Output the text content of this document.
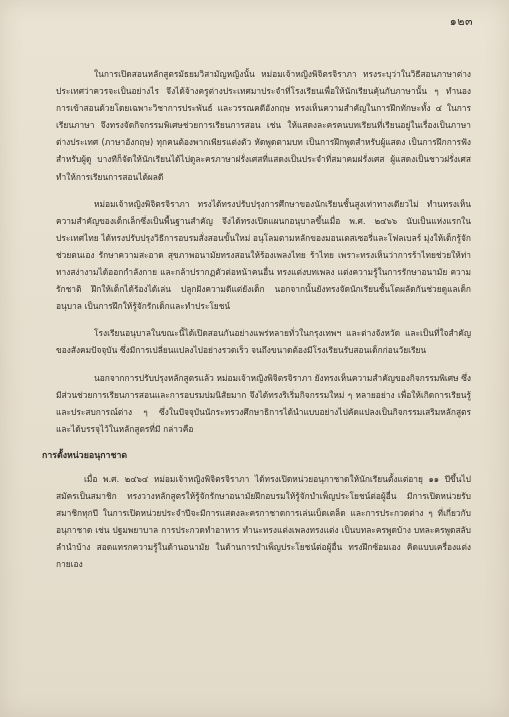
๑๒๓

ในการเปิดสอนหลักสูตรมัธยมวิสามัญหญิงนั้น หม่อมเจ้าหญิงพิจิตรจิราภา ทรงระบุว่าในวิธีสอนภาษาต่างประเทศว่าควรจะเป็นอย่างไร จึงได้จ้างครูต่างประเทศมาประจำที่โรงเรียนเพื่อให้นักเรียนคุ้นกับภาษานั้น ๆ ทำนองการเข้าสอนด้วยโดยเฉพาะวิชาการประพันธ์ และวรรณคดีอังกฤษ ทรงเห็นความสำคัญในการฝึกทักษะทั้ง ๔ ในการเรียนภาษา จึงทรงจัดกิจกรรมพิเศษช่วยการเรียนการสอน เช่น ให้แสดงละครคนบทเรียนที่เรียนอยู่ในเรื่องเป็นภาษาต่างประเทศ (ภาษาอังกฤษ) ทุกคนต้องพากเพียรแต่งตัว หัดพูดตามบท เป็นการฝึกพูดสำหรับผู้แสดง เป็นการฝึกการฟังสำหรับผู้ดู บางทีก็จัดให้นักเรียนได้ไปดูละครภาษาฝรั่งเศสที่แสดงเป็นประจำที่สมาคมฝรั่งเศส ผู้แสดงเป็นชาวฝรั่งเศส ทำให้การเรียนการสอนได้ผลดี

หม่อมเจ้าหญิงพิจิตรจิราภา ทรงได้ทรงปรับปรุงการศึกษาของนักเรียนชั้นสูงเท่าทางเดียวไม่ ทำนทรงเห็นความสำคัญของเด็กเล็กซึ่งเป็นพื้นฐานสำคัญ จึงได้ทรงเปิดแผนกอนุบาลขึ้นเมื่อ พ.ศ. ๒๔๖๖ นับเป็นแห่งแรกในประเทศไทย ได้ทรงปรับปรุงวิธีการอบรมสั่งสอนขั้นใหม่ อนุโลมตามหลักของมอนเตสเซอรี่และโฟลเบลร์ มุ่งให้เด็กรู้จักช่วยตนเอง รักษาความสะอาด สุขภาพอนามัยทรงสอนให้ร้องเพลงไทย ร้าไทย เพราะทรงเห็นว่าการร้าไทยช่วยให้ท่าทางสง่างามได้ออกกำลังกาย และกล้าปรากฏตัวต่อหน้าคนอื่น ทรงแต่งบทเพลง แต่งความรู้ในการรักษาอนามัย ความรักชาติ ฝึกให้เด็กได้ร้องได้เล่น ปลูกฝังความดีแต่ยังเด็ก นอกจากนั้นยังทรงจัดนักเรียนชั้นโตผลัดกันช่วยดูแลเด็กอนุบาล เป็นการฝึกให้รู้จักรักเด็กและทำประโยชน์

โรงเรียนอนุบาลในขณะนี้ได้เปิดสอนกันอย่างแพร่หลายทั่วในกรุงเทพฯ และต่างจังหวัด และเป็นที่ใจสำคัญของสังคมปัจจุบัน ซึ่งมีการเปลี่ยนแปลงไปอย่างรวดเร็ว จนถึงขนาดต้องมีโรงเรียนรับสอนเด็กก่อนวัยเรียน

นอกจากการปรับปรุงหลักสูตรแล้ว หม่อมเจ้าหญิงพิจิตรจิราภา ยังทรงเห็นความสำคัญของกิจกรรมพิเศษ ซึ่งมีส่วนช่วยการเรียนการสอนและการอบรมบ่มนิสัยมาก จึงได้ทรงริเริ่มกิจกรรมใหม่ ๆ หลายอย่าง เพื่อให้เกิดการเรียนรู้และประสบการณ์ต่าง ๆ ซึ่งในปัจจุบันนักระทรวงศึกษาธิการได้นำแบบอย่างไปคัดแปลงเป็นกิจกรรมเสริมหลักสูตร และได้บรรจุไว้ในหลักสูตรที่มี กล่าวคือ

การตั้งหน่วยอนุกาชาด

เมื่อ พ.ศ. ๒๔๖๔ หม่อมเจ้าหญิงพิจิตรจิราภา ได้ทรงเปิดหน่วยอนุกาชาดให้นักเรียนตั้งแต่อายุ ๑๑ ปีขึ้นไป สมัครเป็นสมาชิก ทรงวางหลักสูตรให้รู้จักรักษาอนามัยฝึกอบรมให้รู้จักบำเพ็ญประโยชน์ต่อผู้อื่น มีการเปิดหน่วยรับสมาชิกทุกปี ในการเปิดหน่วยประจำปีจะมีการแสดงละครกาชาดการเล่นเบ็ดเตล็ด และการประกวดต่าง ๆ ที่เกี่ยวกับอนุกาชาด เช่น ปฐมพยาบาล การประกวดทำอาหาร ทำนะทรงแต่งเพลงทรงแต่ง เป็นบทละครพูดบ้าง บทละครพูดสลับลำนำบ้าง สอดแทรกความรู้ในด้านอนามัย ในด้านการบำเพ็ญประโยชน์ต่อผู้อื่น ทรงฝึกซ้อมเอง คิดแบบเครื่องแต่งกายเอง
